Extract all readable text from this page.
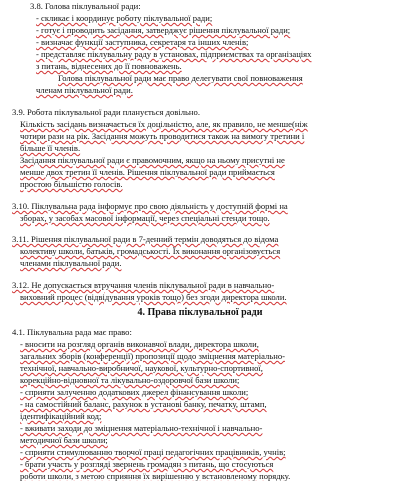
3.8. Голова піклувальної ради:
- скликає і координує роботу піклувальної ради;
- готує і проводить засідання, затверджує рішення піклувальної ради;
- визначає функції заступника, секретаря та інших членів;
- представляє піклувальну раду в установах, підприємствах та організаціях
з питань, віднесених до її повноважень.
Голова піклувальної ради має право делегувати свої повноваження
членам піклувальної ради.
3.9. Робота піклувальної ради планується довільно.
Кількість засідань визначається їх доцільністю, але, як правило, не менше(ніж
чотири рази на рік. Засідання можуть проводитися також на вимогу третини і
більше її членів.
Засідання піклувальної ради є правомочним, якщо на ньому присутні не
менше двох третин її членів. Рішення піклувальної ради приймається
простою більшістю голосів.
3.10. Піклувальна рада інформує про свою діяльність у доступній формі на
зборах, у засобах масової інформації, через спеціальні стенди тощо.
3.11. Рішення піклувальної ради в 7-денний термін доводяться до відома
колективу школи, батьків, громадськості. Їх виконання організовується
членами піклувальної ради.
3.12. Не допускається втручання членів піклувальної ради в навчально-
виховний процес (відвідування уроків тощо) без згоди директора школи.
4. Права піклувальної ради
4.1. Піклувальна рада має право:
- вносити на розгляд органів виконавчої влади, директора школи,
загальних зборів (конференції) пропозиції щодо зміцнення матеріально-
технічної, навчально-виробничої, наукової, культурно-спортивної,
корекційно-відновної та лікувально-оздоровчої бази школи;
- сприяти залученню додаткових джерел фінансування школи;
- на самостійний баланс, рахунок в установі банку, печатку, штамп,
ідентифікаційний код;
- вживати заходи до зміцнення матеріально-технічної і навчально-
методичної бази школи;
- сприяти стимулюванню творчої праці педагогічних працівників, учнів;
- брати участь у розгляді звернень громадян з питань, що стосуються
роботи школи, з метою сприяння їх вирішенню у встановленому порядку.
